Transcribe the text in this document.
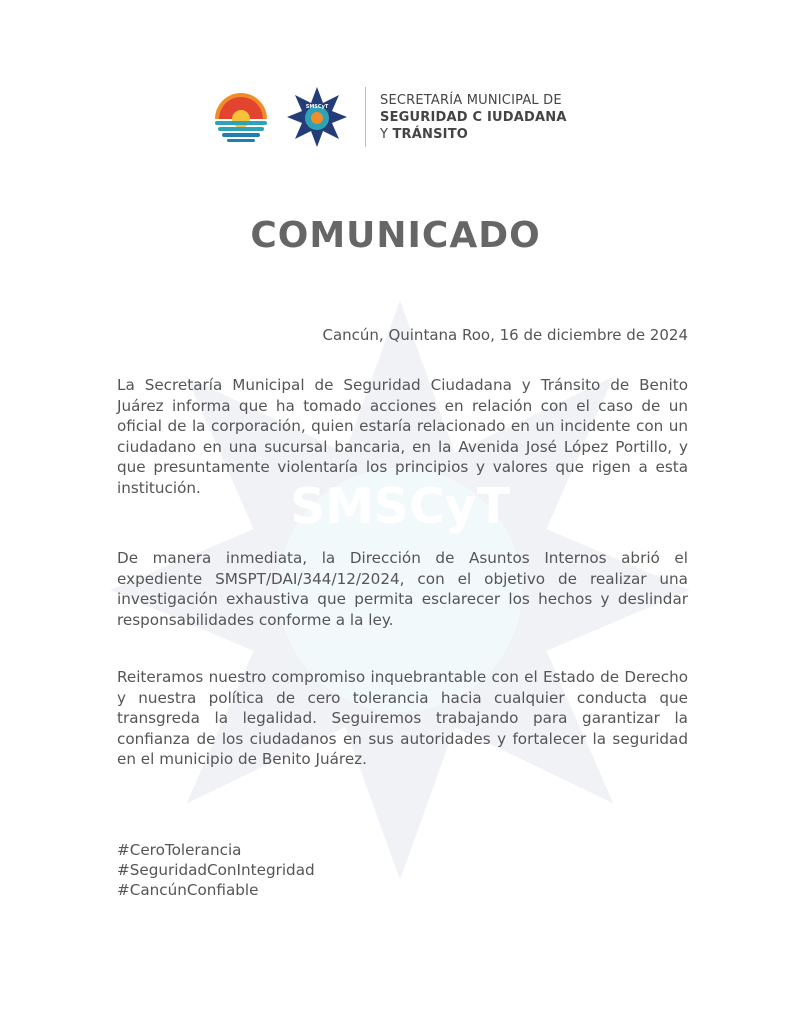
SMSCyT
SMSCyT	SECRETARÍA MUNICIPAL DE
SEGURIDAD C IUDADANA
Y TRÁNSITO
COMUNICADO
Cancún, Quintana Roo, 16 de diciembre de 2024

La Secretaría Municipal de Seguridad Ciudadana y Tránsito de Benito Juárez informa que ha tomado acciones en relación con el caso de un oficial de la corporación, quien estaría relacionado en un incidente con un ciudadano en una sucursal bancaria, en la Avenida José López Portillo, y que presuntamente violentaría los principios y valores que rigen a esta institución.

De manera inmediata, la Dirección de Asuntos Internos abrió el expediente SMSPT/DAI/344/12/2024, con el objetivo de realizar una investigación exhaustiva que permita esclarecer los hechos y deslindar responsabilidades conforme a la ley.

Reiteramos nuestro compromiso inquebrantable con el Estado de Derecho y nuestra política de cero tolerancia hacia cualquier conducta que transgreda la legalidad. Seguiremos trabajando para garantizar la confianza de los ciudadanos en sus autoridades y fortalecer la seguridad en el municipio de Benito Juárez.

#CeroTolerancia
#SeguridadConIntegridad
#CancúnConfiable
